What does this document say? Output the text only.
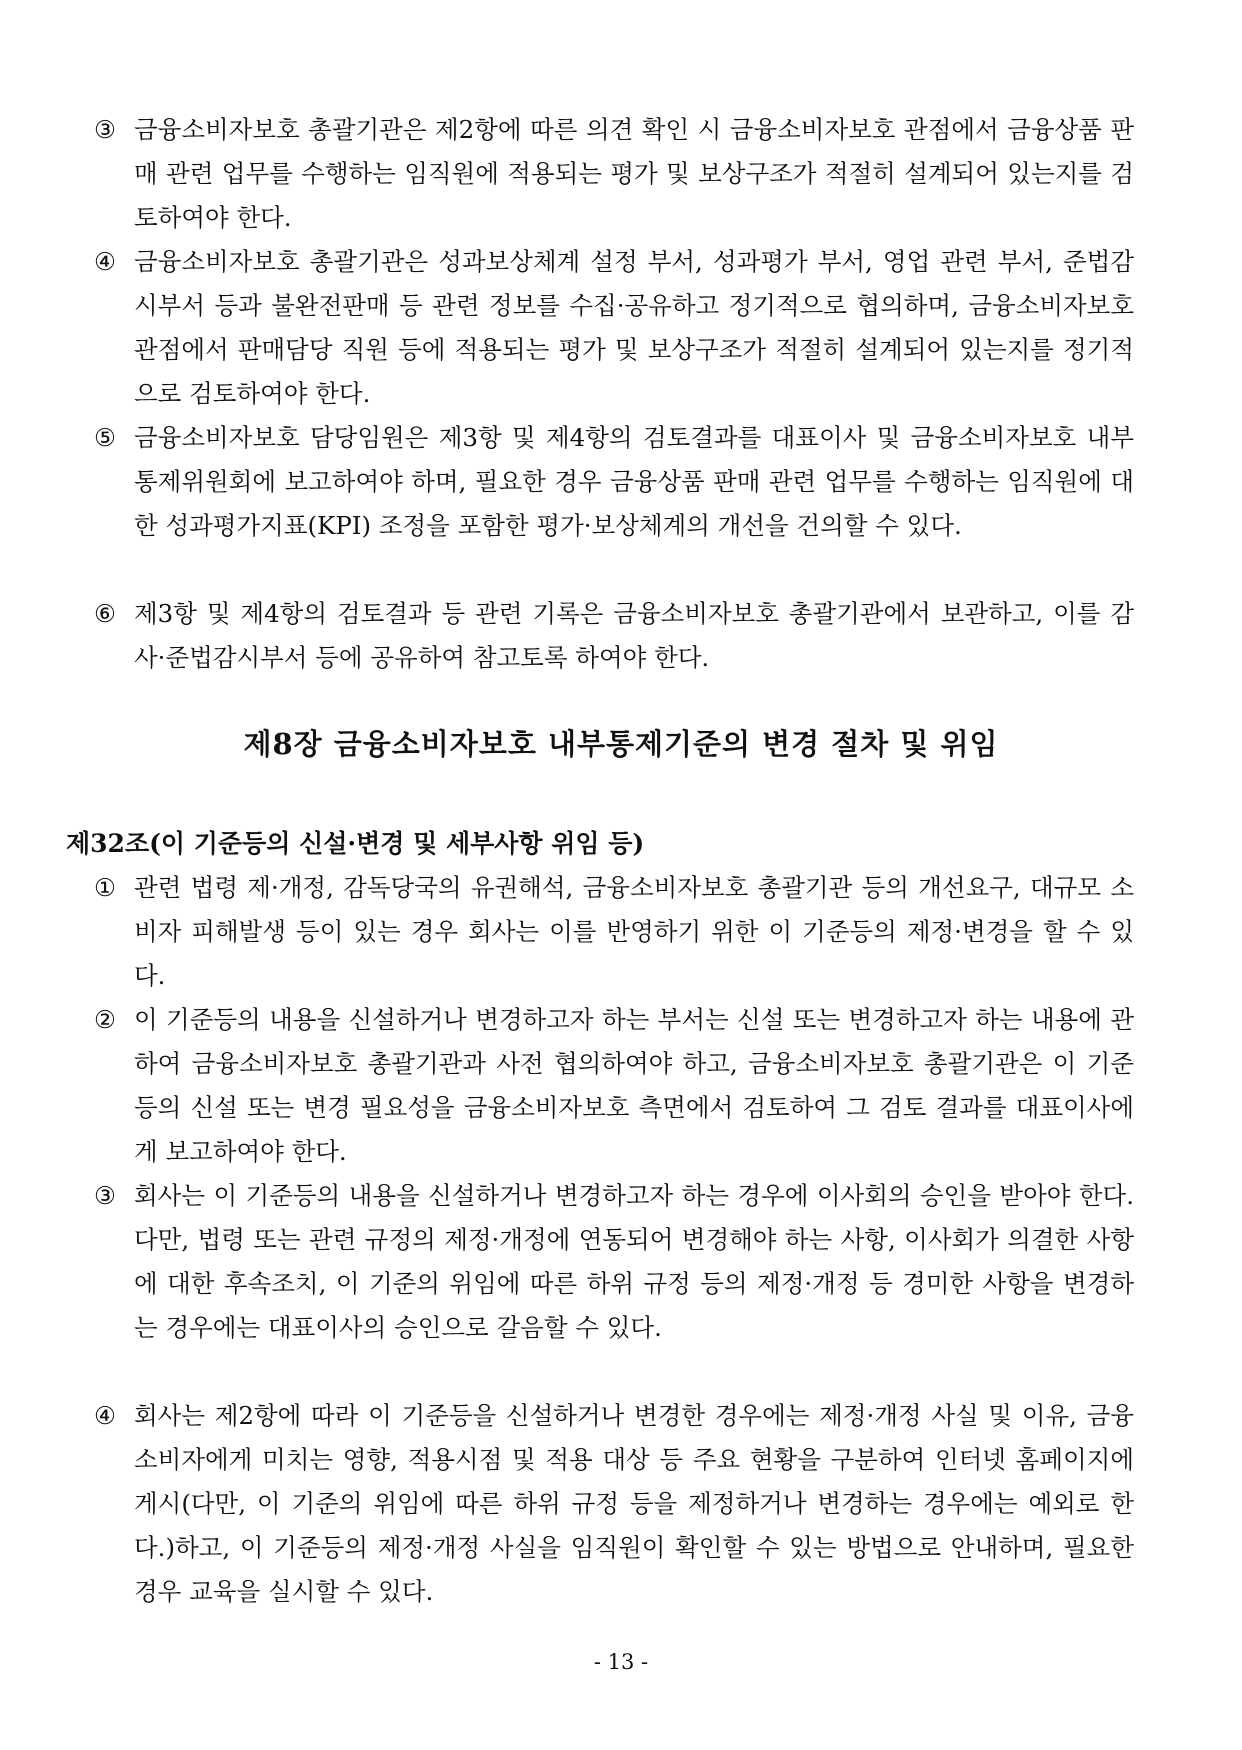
③ 금융소비자보호 총괄기관은 제2항에 따른 의견 확인 시 금융소비자보호 관점에서 금융상품 판매 관련 업무를 수행하는 임직원에 적용되는 평가 및 보상구조가 적절히 설계되어 있는지를 검토하여야 한다.
④ 금융소비자보호 총괄기관은 성과보상체계 설정 부서, 성과평가 부서, 영업 관련 부서, 준법감시부서 등과 불완전판매 등 관련 정보를 수집·공유하고 정기적으로 협의하며, 금융소비자보호 관점에서 판매담당 직원 등에 적용되는 평가 및 보상구조가 적절히 설계되어 있는지를 정기적으로 검토하여야 한다.
⑤ 금융소비자보호 담당임원은 제3항 및 제4항의 검토결과를 대표이사 및 금융소비자보호 내부통제위원회에 보고하여야 하며, 필요한 경우 금융상품 판매 관련 업무를 수행하는 임직원에 대한 성과평가지표(KPI) 조정을 포함한 평가·보상체계의 개선을 건의할 수 있다.
⑥ 제3항 및 제4항의 검토결과 등 관련 기록은 금융소비자보호 총괄기관에서 보관하고, 이를 감사·준법감시부서 등에 공유하여 참고토록 하여야 한다.
제8장 금융소비자보호 내부통제기준의 변경 절차 및 위임
제32조(이 기준등의 신설·변경 및 세부사항 위임 등)
① 관련 법령 제·개정, 감독당국의 유권해석, 금융소비자보호 총괄기관 등의 개선요구, 대규모 소비자 피해발생 등이 있는 경우 회사는 이를 반영하기 위한 이 기준등의 제정·변경을 할 수 있다.
② 이 기준등의 내용을 신설하거나 변경하고자 하는 부서는 신설 또는 변경하고자 하는 내용에 관하여 금융소비자보호 총괄기관과 사전 협의하여야 하고, 금융소비자보호 총괄기관은 이 기준등의 신설 또는 변경 필요성을 금융소비자보호 측면에서 검토하여 그 검토 결과를 대표이사에게 보고하여야 한다.
③ 회사는 이 기준등의 내용을 신설하거나 변경하고자 하는 경우에 이사회의 승인을 받아야 한다. 다만, 법령 또는 관련 규정의 제정·개정에 연동되어 변경해야 하는 사항, 이사회가 의결한 사항에 대한 후속조치, 이 기준의 위임에 따른 하위 규정 등의 제정·개정 등 경미한 사항을 변경하는 경우에는 대표이사의 승인으로 갈음할 수 있다.
④ 회사는 제2항에 따라 이 기준등을 신설하거나 변경한 경우에는 제정·개정 사실 및 이유, 금융소비자에게 미치는 영향, 적용시점 및 적용 대상 등 주요 현황을 구분하여 인터넷 홈페이지에 게시(다만, 이 기준의 위임에 따른 하위 규정 등을 제정하거나 변경하는 경우에는 예외로 한다.)하고, 이 기준등의 제정·개정 사실을 임직원이 확인할 수 있는 방법으로 안내하며, 필요한 경우 교육을 실시할 수 있다.
- 13 -
